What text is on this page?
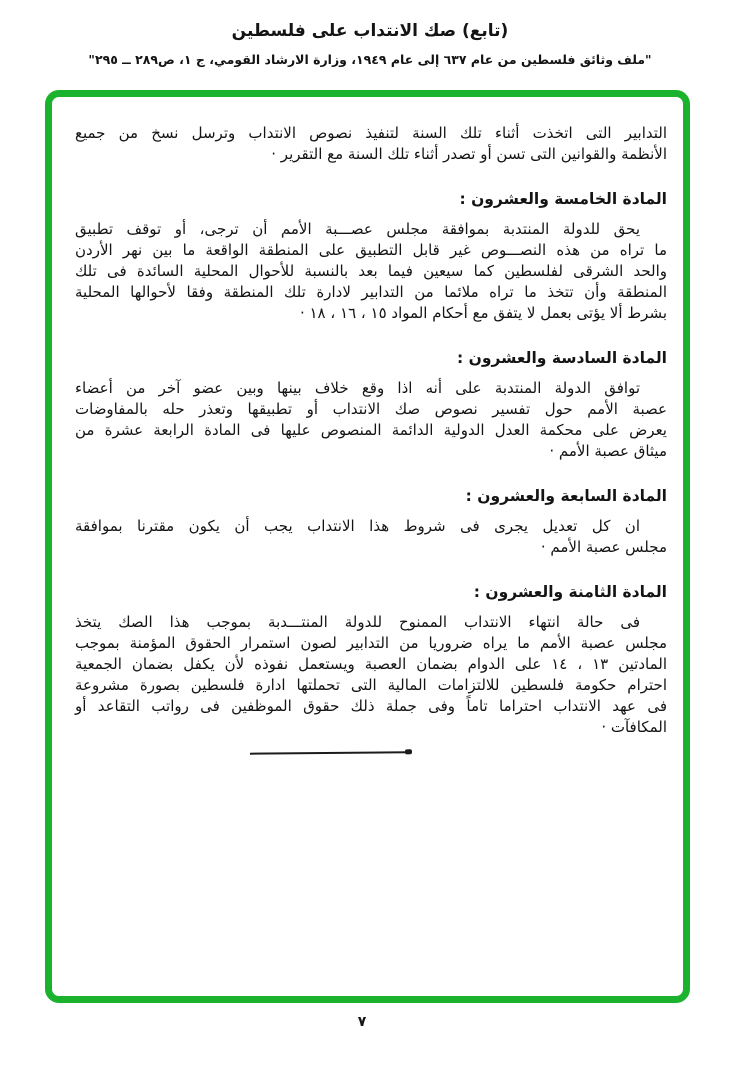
(تابع) صك الانتداب على فلسطين
"ملف وثائق فلسطين من عام ٦٣٧ إلى عام ١٩٤٩، وزارة الارشاد القومي، ج ١، ص٢٨٩ ــ ٢٩٥"
التدابير التى اتخذت أثناء تلك السنة لتنفيذ نصوص الانتداب وترسل نسخ من جميع
الأنظمة والقوانين التى تسن أو تصدر أثناء تلك السنة مع التقرير ·
المادة الخامسة والعشرون :
يحق للدولة المنتدبة بموافقة مجلس عصـــبة الأمم أن ترجى، أو توقف تطبيق
ما تراه من هذه النصـــوص غير قابل التطبيق على المنطقة الواقعة ما بين نهر الأردن
والحد الشرقى لفلسطين كما سيعين فيما بعد بالنسبة للأحوال المحلية السائدة فى تلك
المنطقة وأن تتخذ ما تراه ملائما من التدابير لادارة تلك المنطقة وفقا لأحوالها المحلية
بشرط ألا يؤتى بعمل لا يتفق مع أحكام المواد ١٥ ، ١٦ ، ١٨ ·
المادة السادسة والعشرون :
توافق الدولة المنتدبة على أنه اذا وقع خلاف بينها وبين عضو آخر من أعضاء
عصبة الأمم حول تفسير نصوص صك الانتداب أو تطبيقها وتعذر حله بالمفاوضات
يعرض على محكمة العدل الدولية الدائمة المنصوص عليها فى المادة الرابعة عشرة من
ميثاق عصبة الأمم ·
المادة السابعة والعشرون :
ان كل تعديل يجرى فى شروط هذا الانتداب يجب أن يكون مقترنا بموافقة
مجلس عصبة الأمم ·
المادة الثامنة والعشرون :
فى حالة انتهاء الانتداب الممنوح للدولة المنتـــدبة بموجب هذا الصك يتخذ
مجلس عصبة الأمم ما يراه ضروريا من التدابير لصون استمرار الحقوق المؤمنة بموجب
المادتين ١٣ ، ١٤ على الدوام بضمان العصبة ويستعمل نفوذه لأن يكفل بضمان الجمعية
احترام حكومة فلسطين للالتزامات المالية التى تحملتها ادارة فلسطين بصورة مشروعة
فى عهد الانتداب احتراما تاماً وفى جملة ذلك حقوق الموظفين فى رواتب التقاعد أو
المكافآت ·
٧
